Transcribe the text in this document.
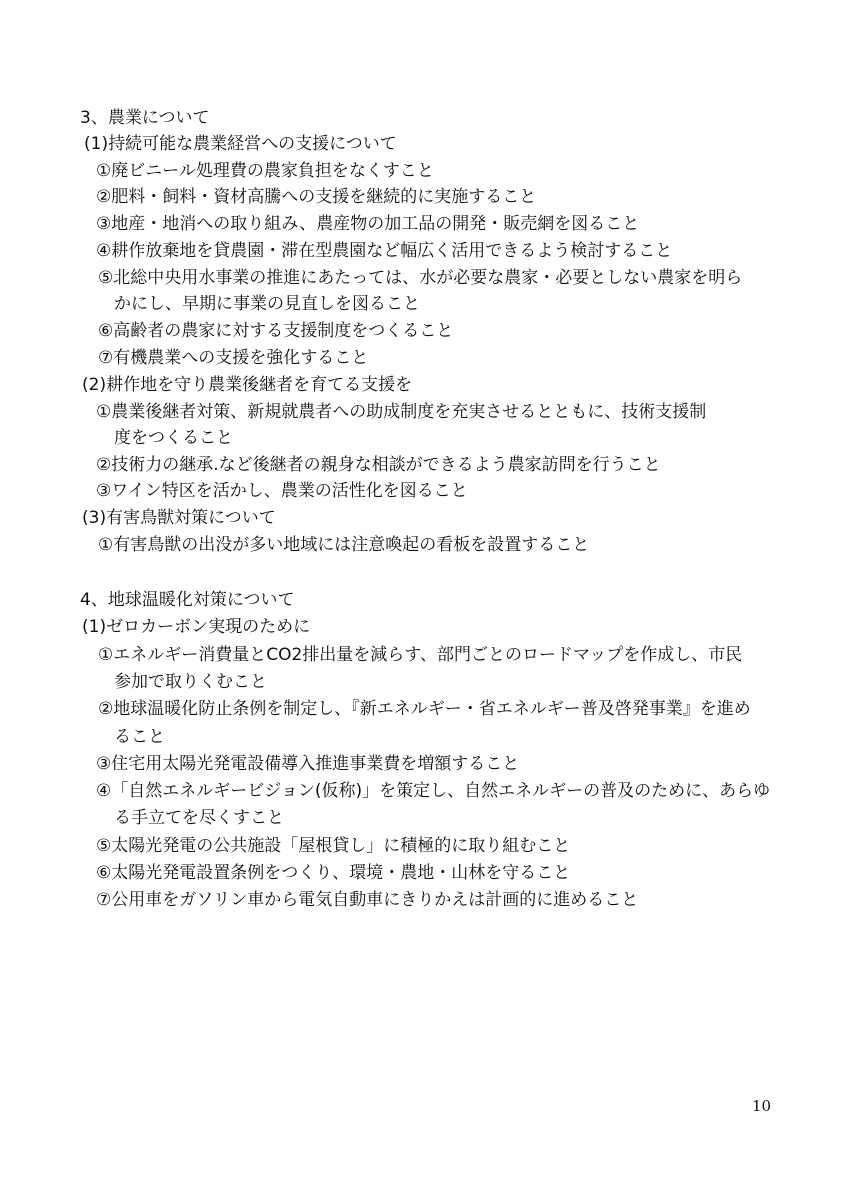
3、農業について
(1)持続可能な農業経営への支援について
①廃ビニール処理費の農家負担をなくすこと
②肥料・飼料・資材高騰への支援を継続的に実施すること
③地産・地消への取り組み、農産物の加工品の開発・販売網を図ること
④耕作放棄地を貸農園・滞在型農園など幅広く活用できるよう検討すること
⑤北総中央用水事業の推進にあたっては、水が必要な農家・必要としない農家を明ら
かにし、早期に事業の見直しを図ること
⑥高齢者の農家に対する支援制度をつくること
⑦有機農業への支援を強化すること
(2)耕作地を守り農業後継者を育てる支援を
①農業後継者対策、新規就農者への助成制度を充実させるとともに、技術支援制
度をつくること
②技術力の継承.など後継者の親身な相談ができるよう農家訪問を行うこと
③ワイン特区を活かし、農業の活性化を図ること
(3)有害鳥獣対策について
①有害鳥獣の出没が多い地域には注意喚起の看板を設置すること
4、地球温暖化対策について
(1)ゼロカーボン実現のために
①エネルギー消費量とCO2排出量を減らす、部門ごとのロードマップを作成し、市民
参加で取りくむこと
②地球温暖化防止条例を制定し、『新エネルギー・省エネルギー普及啓発事業』を進め
ること
③住宅用太陽光発電設備導入推進事業費を増額すること
④「自然エネルギービジョン(仮称)」を策定し、自然エネルギーの普及のために、あらゆ
る手立てを尽くすこと
⑤太陽光発電の公共施設「屋根貸し」に積極的に取り組むこと
⑥太陽光発電設置条例をつくり、環境・農地・山林を守ること
⑦公用車をガソリン車から電気自動車にきりかえは計画的に進めること
10
